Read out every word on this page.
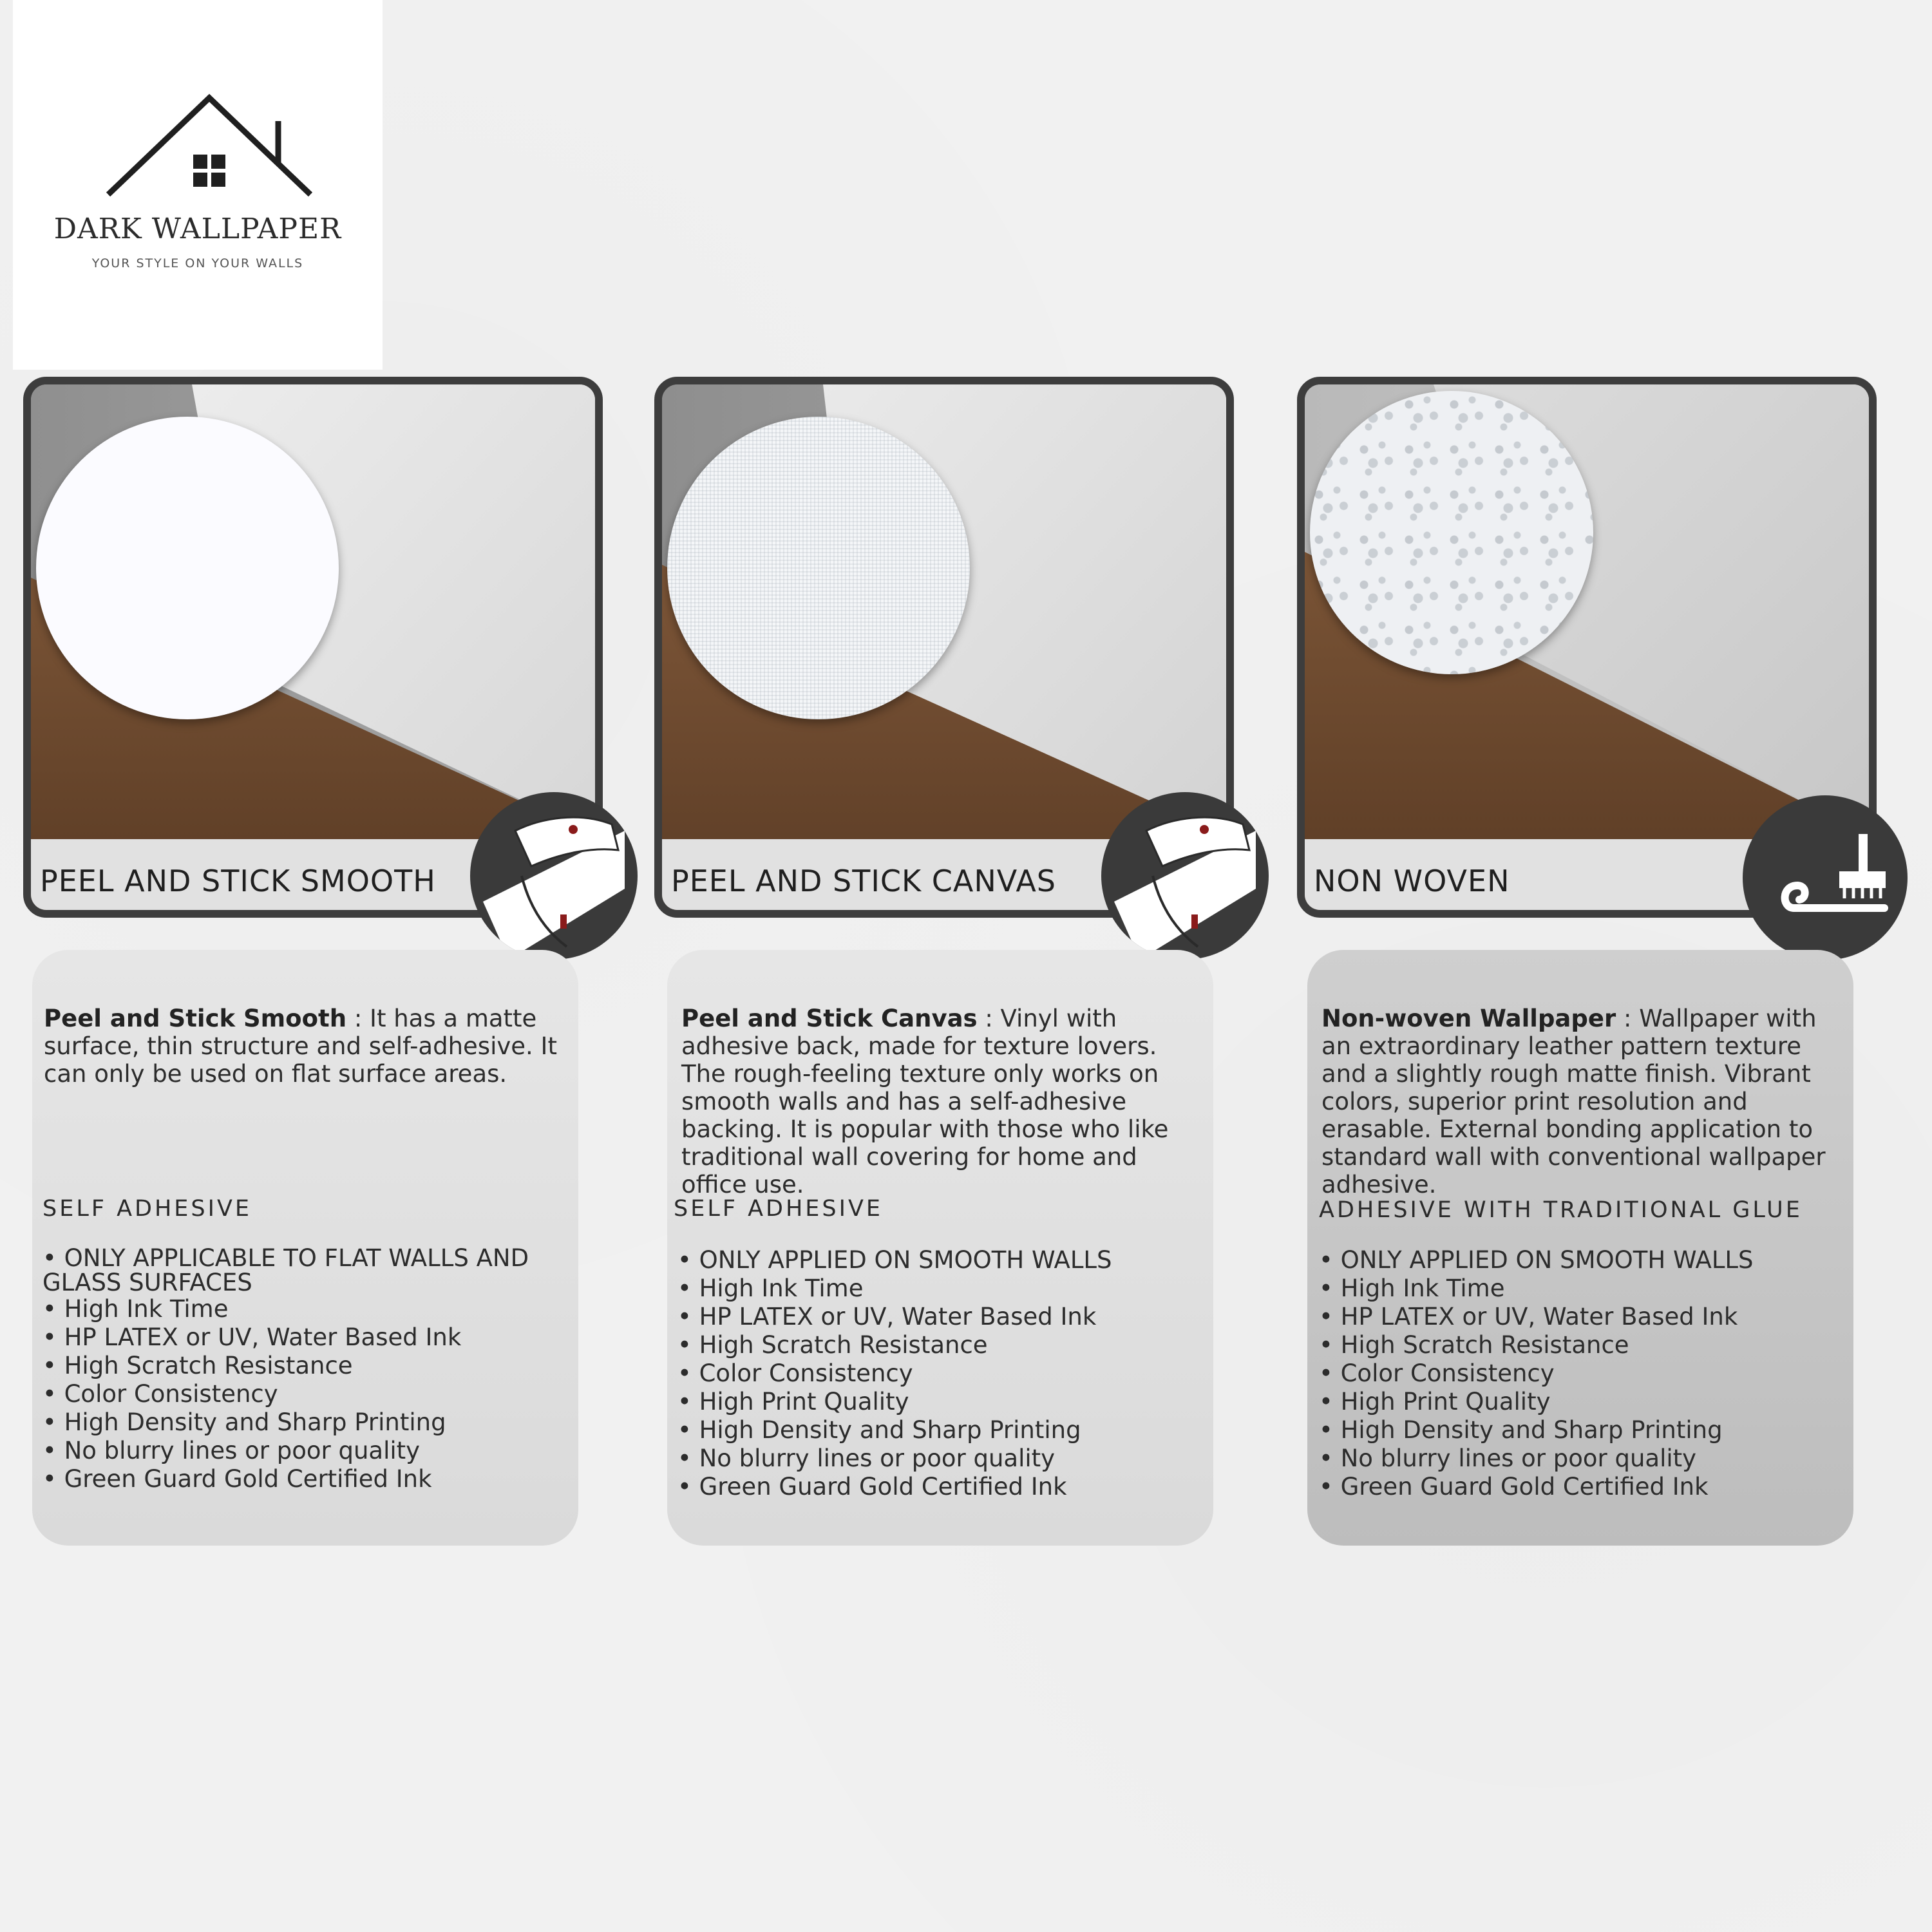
DARK WALLPAPER
YOUR STYLE ON YOUR WALLS
PEEL AND STICK SMOOTH	PEEL AND STICK CANVAS	NON WOVEN
Peel and Stick Smooth : It has a matte surface, thin structure and self-adhesive. It can only be used on flat surface areas.
SELF ADHESIVE
• ONLY APPLICABLE TO FLAT WALLS AND GLASS SURFACES
• High Ink Time
• HP LATEX or UV, Water Based Ink
• High Scratch Resistance
• Color Consistency
• High Density and Sharp Printing
• No blurry lines or poor quality
• Green Guard Gold Certified Ink
Peel and Stick Canvas : Vinyl with adhesive back, made for texture lovers. The rough-feeling texture only works on smooth walls and has a self-adhesive backing. It is popular with those who like traditional wall covering for home and office use.
SELF ADHESIVE
• ONLY APPLIED ON SMOOTH WALLS
• High Ink Time
• HP LATEX or UV, Water Based Ink
• High Scratch Resistance
• Color Consistency
• High Print Quality
• High Density and Sharp Printing
• No blurry lines or poor quality
• Green Guard Gold Certified Ink
Non-woven Wallpaper : Wallpaper with an extraordinary leather pattern texture and a slightly rough matte finish. Vibrant colors, superior print resolution and erasable. External bonding application to standard wall with conventional wallpaper adhesive.
ADHESIVE WITH TRADITIONAL GLUE
• ONLY APPLIED ON SMOOTH WALLS
• High Ink Time
• HP LATEX or UV, Water Based Ink
• High Scratch Resistance
• Color Consistency
• High Print Quality
• High Density and Sharp Printing
• No blurry lines or poor quality
• Green Guard Gold Certified Ink
